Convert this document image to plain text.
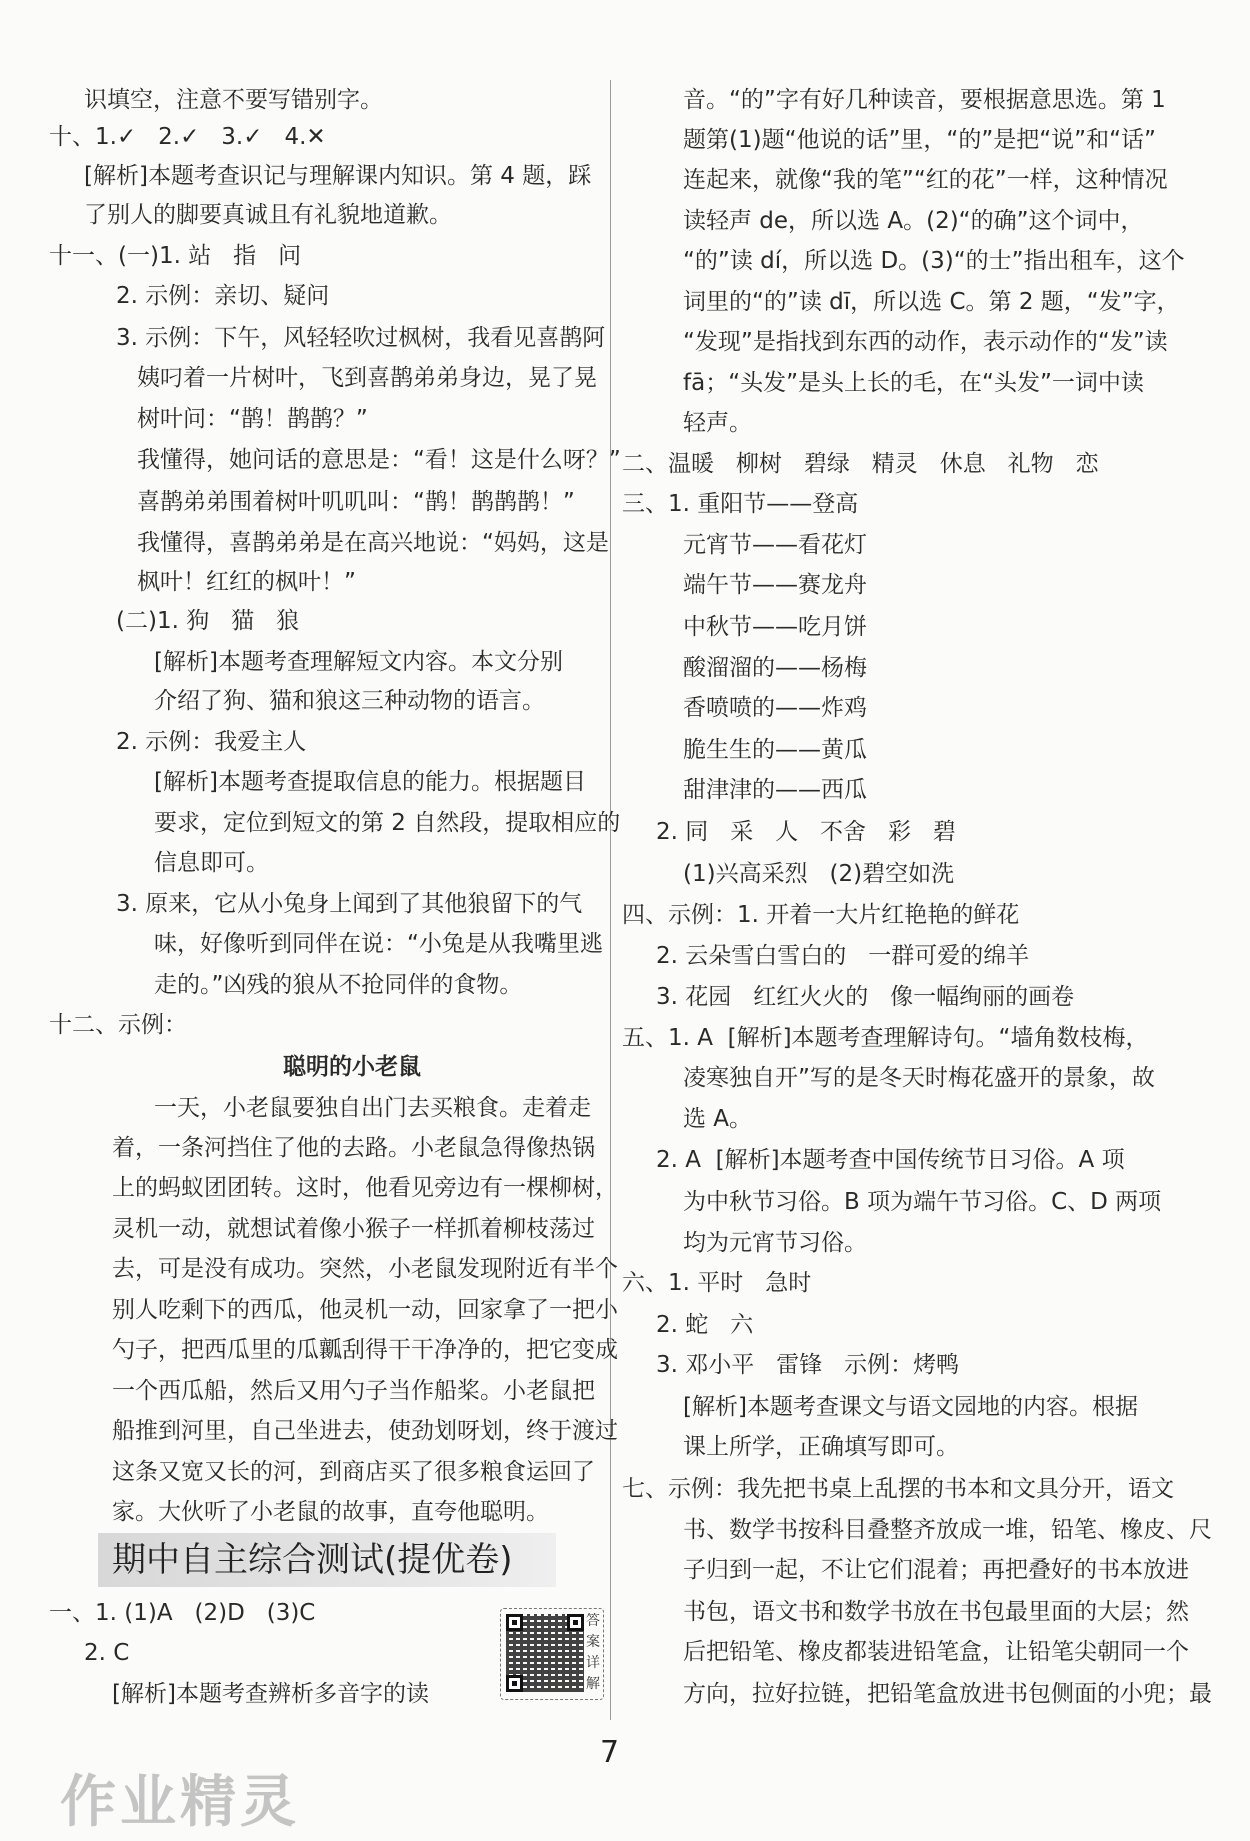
识填空，注意不要写错别字。
十、1.✓   2.✓   3.✓   4.✕
[解析]本题考查识记与理解课内知识。第 4 题，踩
了别人的脚要真诚且有礼貌地道歉。
十一、(一)1. 站   指   问
2. 示例：亲切、疑问
3. 示例：下午，风轻轻吹过枫树，我看见喜鹊阿
姨叼着一片树叶，飞到喜鹊弟弟身边，晃了晃
树叶问：“鹊！鹊鹊？”
我懂得，她问话的意思是：“看！这是什么呀？”
喜鹊弟弟围着树叶叽叽叫：“鹊！鹊鹊鹊！”
我懂得，喜鹊弟弟是在高兴地说：“妈妈，这是
枫叶！红红的枫叶！”
(二)1. 狗   猫   狼
[解析]本题考查理解短文内容。本文分别
介绍了狗、猫和狼这三种动物的语言。
2. 示例：我爱主人
[解析]本题考查提取信息的能力。根据题目
要求，定位到短文的第 2 自然段，提取相应的
信息即可。
3. 原来，它从小兔身上闻到了其他狼留下的气
味，好像听到同伴在说：“小兔是从我嘴里逃
走的。”凶残的狼从不抢同伴的食物。
十二、示例：
聪明的小老鼠
一天，小老鼠要独自出门去买粮食。走着走
着，一条河挡住了他的去路。小老鼠急得像热锅
上的蚂蚁团团转。这时，他看见旁边有一棵柳树，
灵机一动，就想试着像小猴子一样抓着柳枝荡过
去，可是没有成功。突然，小老鼠发现附近有半个
别人吃剩下的西瓜，他灵机一动，回家拿了一把小
勺子，把西瓜里的瓜瓤刮得干干净净的，把它变成
一个西瓜船，然后又用勺子当作船桨。小老鼠把
船推到河里，自己坐进去，使劲划呀划，终于渡过
这条又宽又长的河，到商店买了很多粮食运回了
家。大伙听了小老鼠的故事，直夸他聪明。
一、1. (1)A   (2)D   (3)C
2. C
[解析]本题考查辨析多音字的读
音。“的”字有好几种读音，要根据意思选。第 1
题第(1)题“他说的话”里，“的”是把“说”和“话”
连起来，就像“我的笔”“红的花”一样，这种情况
读轻声 de，所以选 A。(2)“的确”这个词中，
“的”读 dí，所以选 D。(3)“的士”指出租车，这个
词里的“的”读 dī，所以选 C。第 2 题，“发”字，
“发现”是指找到东西的动作，表示动作的“发”读
fā；“头发”是头上长的毛，在“头发”一词中读
轻声。
二、温暖   柳树   碧绿   精灵   休息   礼物   恋
三、1. 重阳节——登高
元宵节——看花灯
端午节——赛龙舟
中秋节——吃月饼
酸溜溜的——杨梅
香喷喷的——炸鸡
脆生生的——黄瓜
甜津津的——西瓜
2. 同   采   人   不舍   彩   碧
(1)兴高采烈   (2)碧空如洗
四、示例：1. 开着一大片红艳艳的鲜花
2. 云朵雪白雪白的   一群可爱的绵羊
3. 花园   红红火火的   像一幅绚丽的画卷
五、1. A  [解析]本题考查理解诗句。“墙角数枝梅，
凌寒独自开”写的是冬天时梅花盛开的景象，故
选 A。
2. A  [解析]本题考查中国传统节日习俗。A 项
为中秋节习俗。B 项为端午节习俗。C、D 两项
均为元宵节习俗。
六、1. 平时   急时
2. 蛇   六
3. 邓小平   雷锋   示例：烤鸭
[解析]本题考查课文与语文园地的内容。根据
课上所学，正确填写即可。
七、示例：我先把书桌上乱摆的书本和文具分开，语文
书、数学书按科目叠整齐放成一堆，铅笔、橡皮、尺
子归到一起，不让它们混着；再把叠好的书本放进
书包，语文书和数学书放在书包最里面的大层；然
后把铅笔、橡皮都装进铅笔盒，让铅笔尖朝同一个
方向，拉好拉链，把铅笔盒放进书包侧面的小兜；最
期中自主综合测试(提优卷)
答
案
详
解
作业精灵
7
